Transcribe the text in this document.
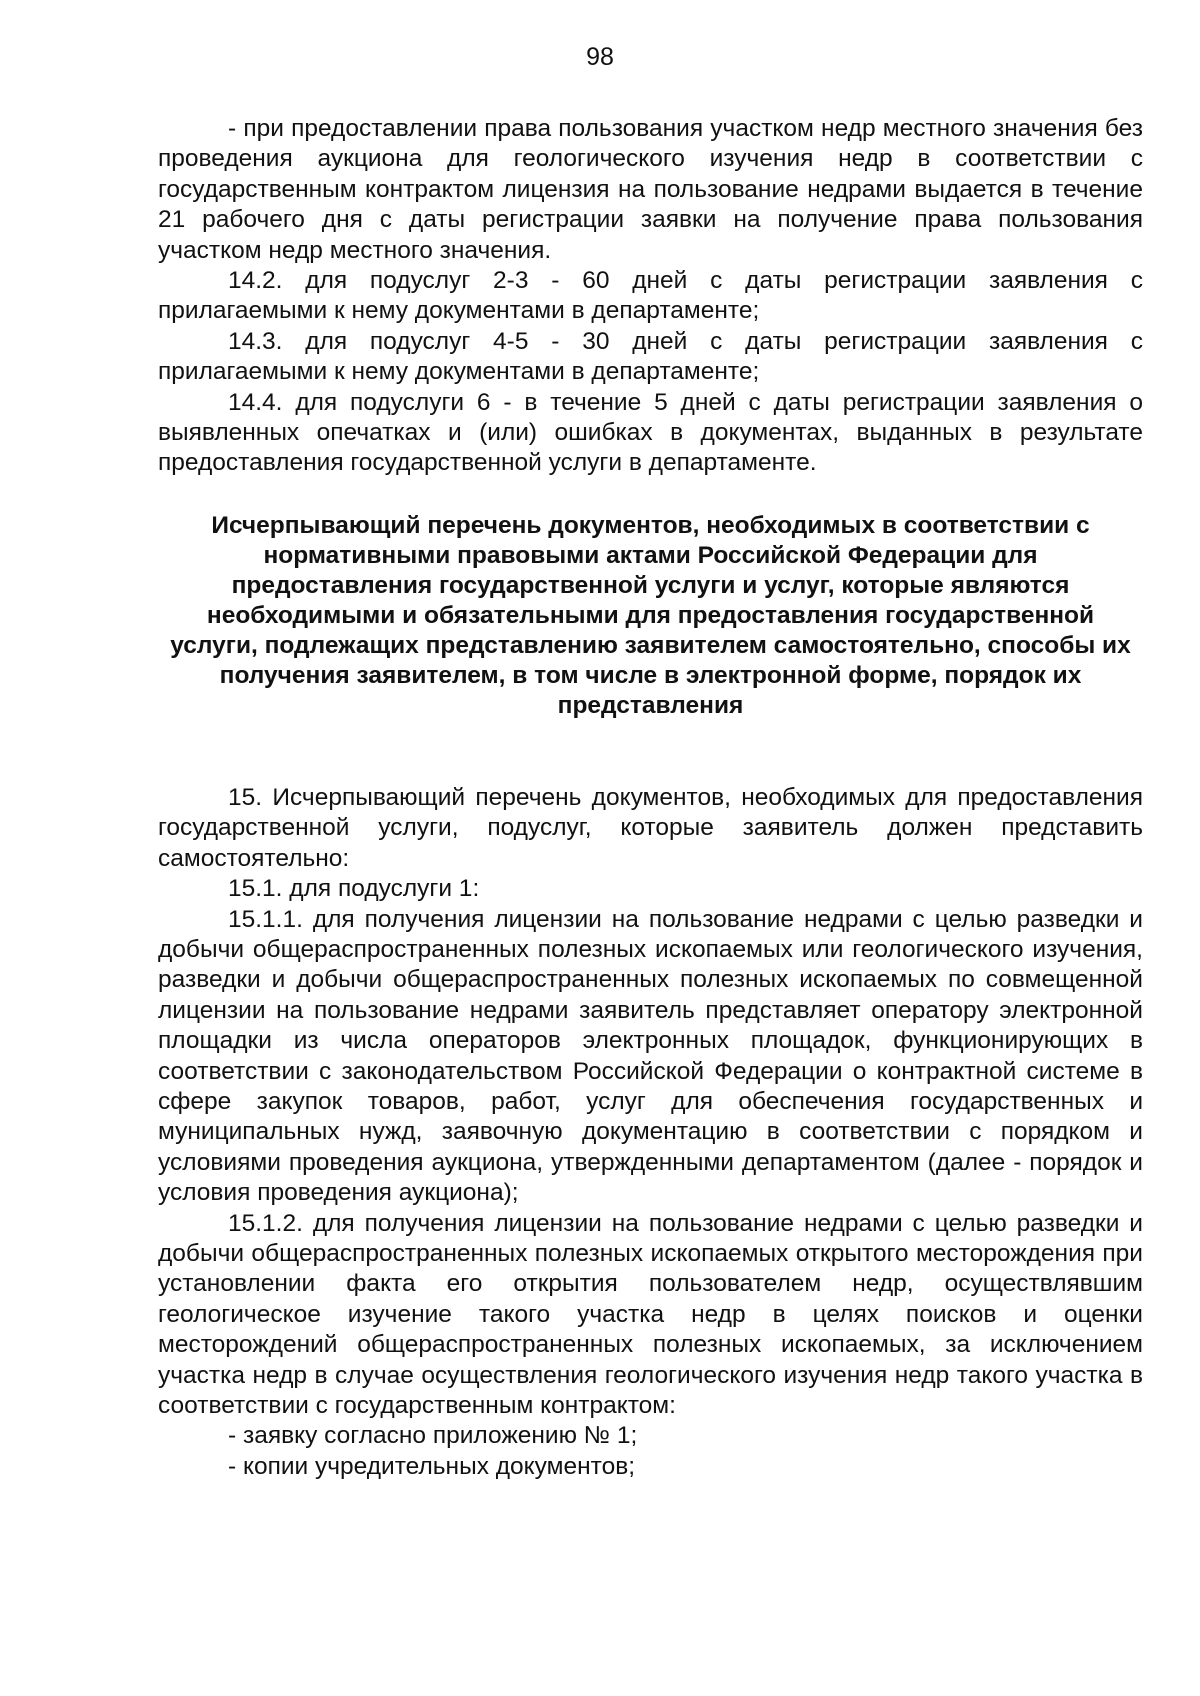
98

- при предоставлении права пользования участком недр местного значения без проведения аукциона для геологического изучения недр в соответствии с государственным контрактом лицензия на пользование недрами выдается в течение 21 рабочего дня с даты регистрации заявки на получение права пользования участком недр местного значения.

14.2. для подуслуг 2-3 - 60 дней с даты регистрации заявления с прилагаемыми к нему документами в департаменте;

14.3. для подуслуг 4-5 - 30 дней с даты регистрации заявления с прилагаемыми к нему документами в департаменте;

14.4. для подуслуги 6 - в течение 5 дней с даты регистрации заявления о выявленных опечатках и (или) ошибках в документах, выданных в результате предоставления государственной услуги в департаменте.

Исчерпывающий перечень документов, необходимых в соответствии с нормативными правовыми актами Российской Федерации для предоставления государственной услуги и услуг, которые являются необходимыми и обязательными для предоставления государственной услуги, подлежащих представлению заявителем самостоятельно, способы их получения заявителем, в том числе в электронной форме, порядок их представления

15. Исчерпывающий перечень документов, необходимых для предоставления государственной услуги, подуслуг, которые заявитель должен представить самостоятельно:

15.1. для подуслуги 1:

15.1.1. для получения лицензии на пользование недрами с целью разведки и добычи общераспространенных полезных ископаемых или геологического изучения, разведки и добычи общераспространенных полезных ископаемых по совмещенной лицензии на пользование недрами заявитель представляет оператору электронной площадки из числа операторов электронных площадок, функционирующих в соответствии с законодательством Российской Федерации о контрактной системе в сфере закупок товаров, работ, услуг для обеспечения государственных и муниципальных нужд, заявочную документацию в соответствии с порядком и условиями проведения аукциона, утвержденными департаментом (далее - порядок и условия проведения аукциона);

15.1.2. для получения лицензии на пользование недрами с целью разведки и добычи общераспространенных полезных ископаемых открытого месторождения при установлении факта его открытия пользователем недр, осуществлявшим геологическое изучение такого участка недр в целях поисков и оценки месторождений общераспространенных полезных ископаемых, за исключением участка недр в случае осуществления геологического изучения недр такого участка в соответствии с государственным контрактом:

- заявку согласно приложению № 1;

- копии учредительных документов;
